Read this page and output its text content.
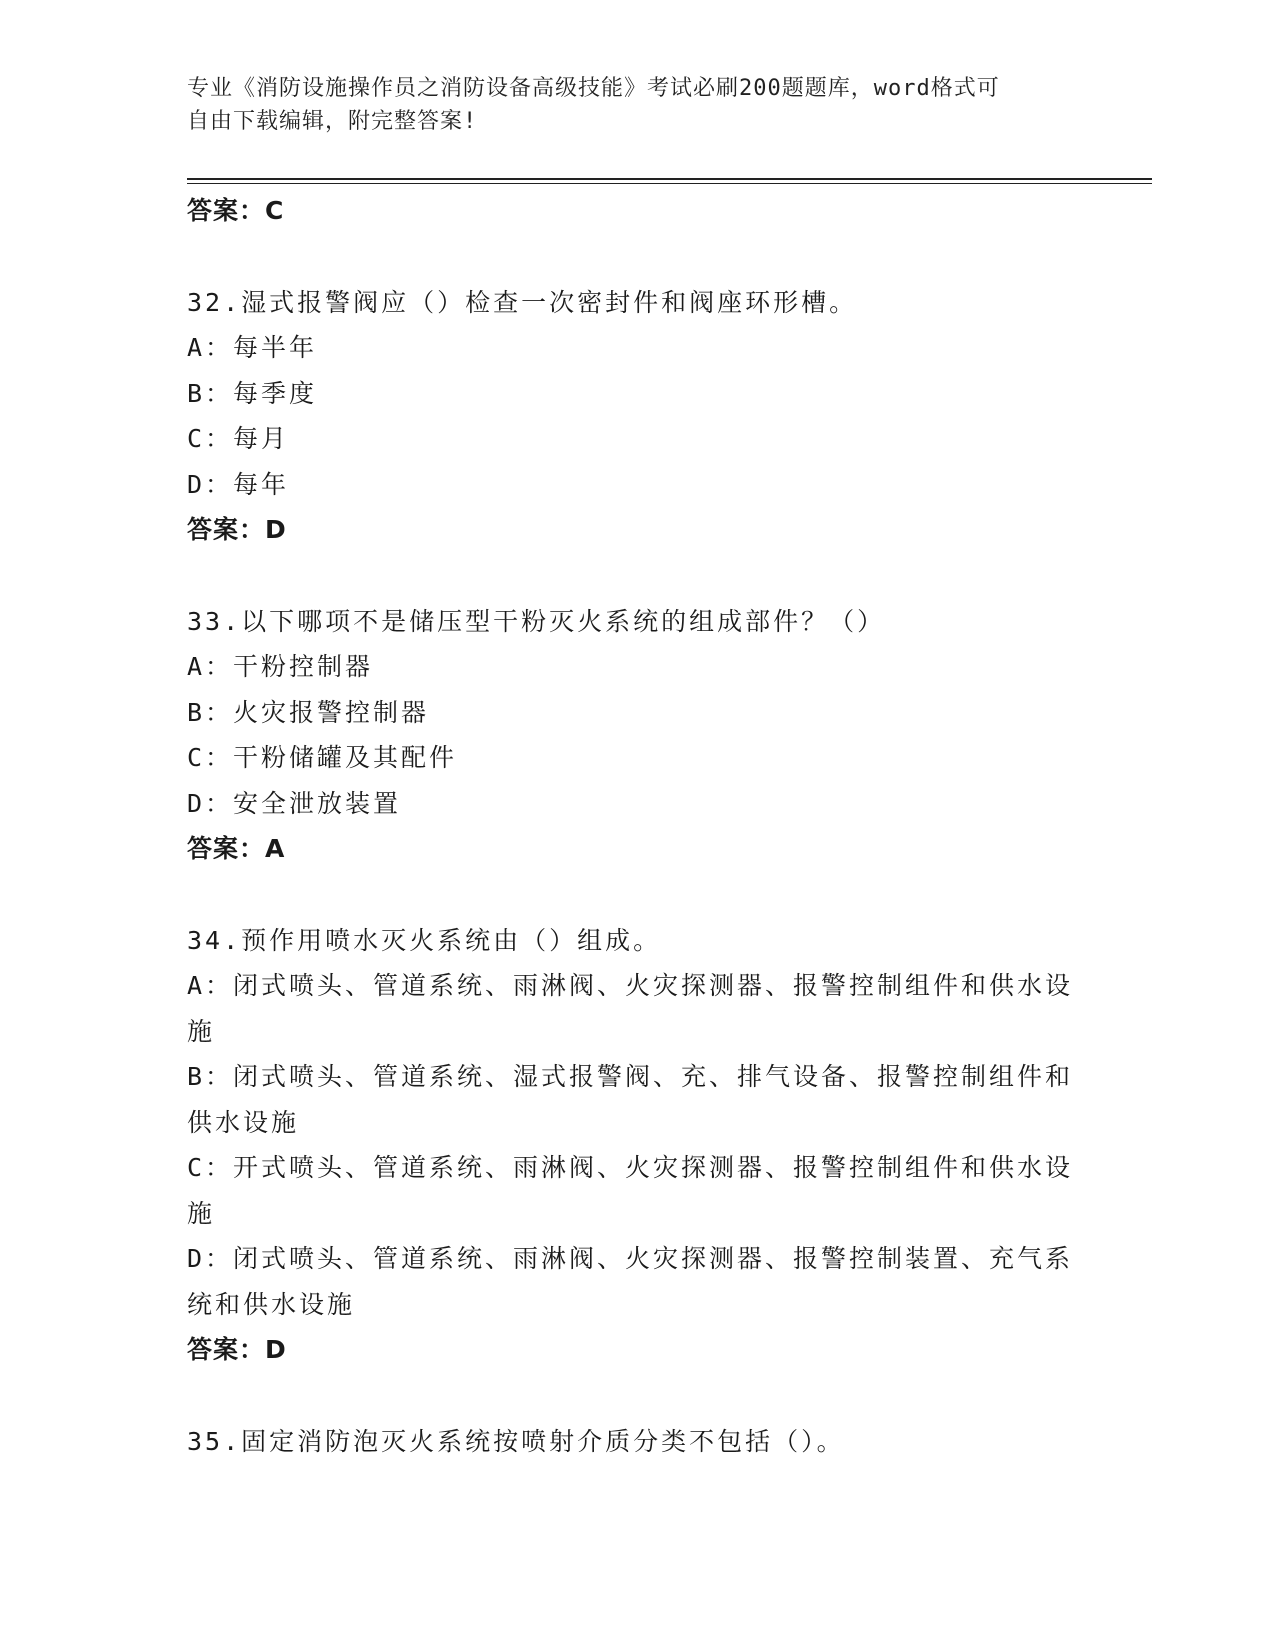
专业《消防设施操作员之消防设备高级技能》考试必刷200题题库，word格式可
自由下载编辑，附完整答案!

答案：C

32.湿式报警阀应（）检查一次密封件和阀座环形槽。

A：每半年

B：每季度

C：每月

D：每年

答案：D

33.以下哪项不是储压型干粉灭火系统的组成部件？（）

A：干粉控制器

B：火灾报警控制器

C：干粉储罐及其配件

D：安全泄放装置

答案：A

34.预作用喷水灭火系统由（）组成。

A：闭式喷头、管道系统、雨淋阀、火灾探测器、报警控制组件和供水设施

B：闭式喷头、管道系统、湿式报警阀、充、排气设备、报警控制组件和供水设施

C：开式喷头、管道系统、雨淋阀、火灾探测器、报警控制组件和供水设施

D：闭式喷头、管道系统、雨淋阀、火灾探测器、报警控制装置、充气系统和供水设施

答案：D

35.固定消防泡灭火系统按喷射介质分类不包括（）。
